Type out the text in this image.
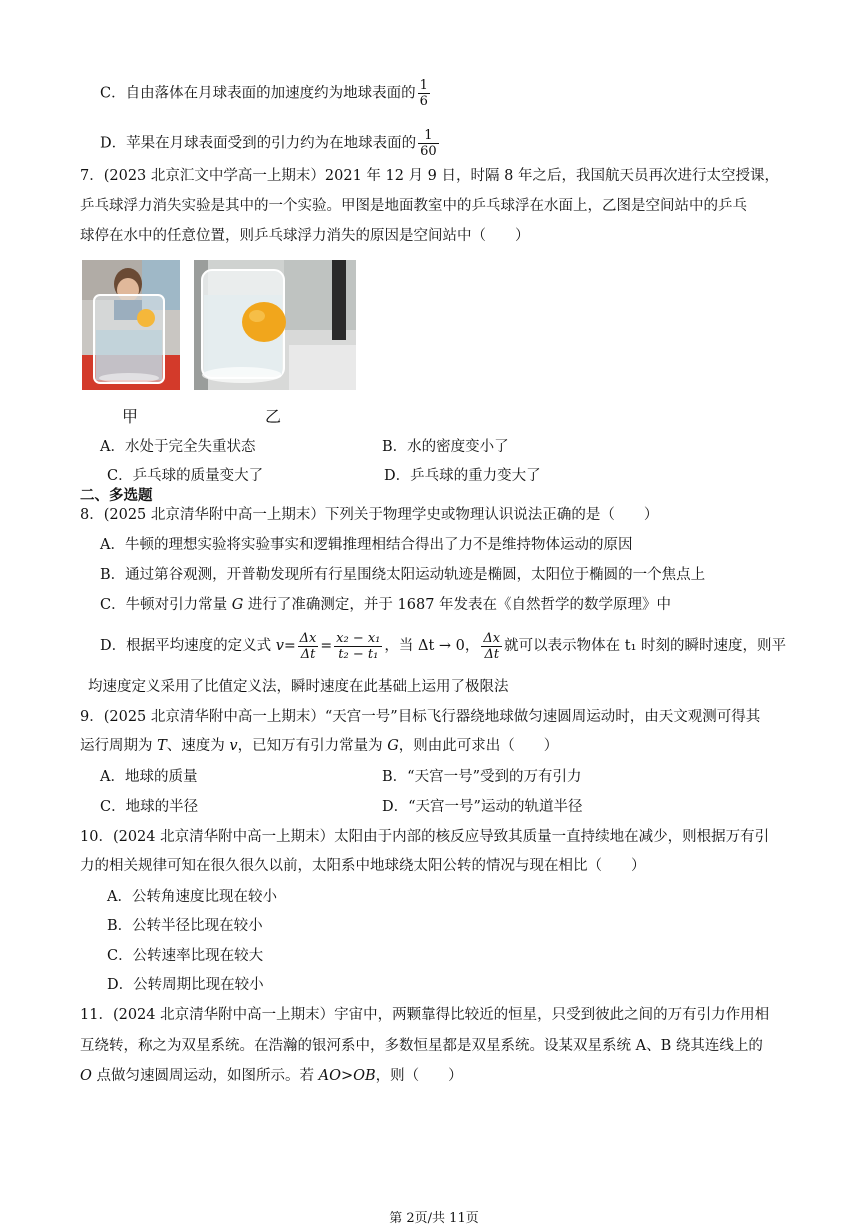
C．自由落体在月球表面的加速度约为地球表面的 $\frac{1}{6}$
D．苹果在月球表面受到的引力约为在地球表面的 $\frac{1}{60}$
7．(2023 北京汇文中学高一上期末）2021 年 12 月 9 日，时隔 8 年之后，我国航天员再次进行太空授课，
乒乓球浮力消失实验是其中的一个实验。甲图是地面教室中的乒乓球浮在水面上，乙图是空间站中的乒乓
球停在水中的任意位置，则乒乓球浮力消失的原因是空间站中（　　）
甲	乙
A．水处于完全失重状态	B．水的密度变小了
C．乒乓球的质量变大了	D．乒乓球的重力变大了
二、多选题
8．(2025 北京清华附中高一上期末）下列关于物理学史或物理认识说法正确的是（　　）
A．牛顿的理想实验将实验事实和逻辑推理相结合得出了力不是维持物体运动的原因
B．通过第谷观测，开普勒发现所有行星围绕太阳运动轨迹是椭圆，太阳位于椭圆的一个焦点上
C．牛顿对引力常量 G 进行了准确测定，并于 1687 年发表在《自然哲学的数学原理》中
D．根据平均速度的定义式 $v= \frac{\Delta x}{\Delta t} = \frac{\text{x₂ − x₁}}{\text{t₂ − t₁}}$ ，当 Δt → 0， $\frac{\Delta x}{\Delta t}$ 就可以表示物体在 t₁ 时刻的瞬时速度，则平
均速度定义采用了比值定义法，瞬时速度在此基础上运用了极限法
9．(2025 北京清华附中高一上期末）“天宫一号”目标飞行器绕地球做匀速圆周运动时，由天文观测可得其
运行周期为 T、速度为 v，已知万有引力常量为 G，则由此可求出（　　）
A．地球的质量	B．“天宫一号”受到的万有引力
C．地球的半径	D．“天宫一号”运动的轨道半径
10．(2024 北京清华附中高一上期末）太阳由于内部的核反应导致其质量一直持续地在减少，则根据万有引
力的相关规律可知在很久很久以前，太阳系中地球绕太阳公转的情况与现在相比（　　）
A．公转角速度比现在较小
B．公转半径比现在较小
C．公转速率比现在较大
D．公转周期比现在较小
11．(2024 北京清华附中高一上期末）宇宙中，两颗靠得比较近的恒星，只受到彼此之间的万有引力作用相
互绕转，称之为双星系统。在浩瀚的银河系中，多数恒星都是双星系统。设某双星系统 A、B 绕其连线上的
O 点做匀速圆周运动，如图所示。若 AO>OB，则（　　）
第 2页/共 11页
